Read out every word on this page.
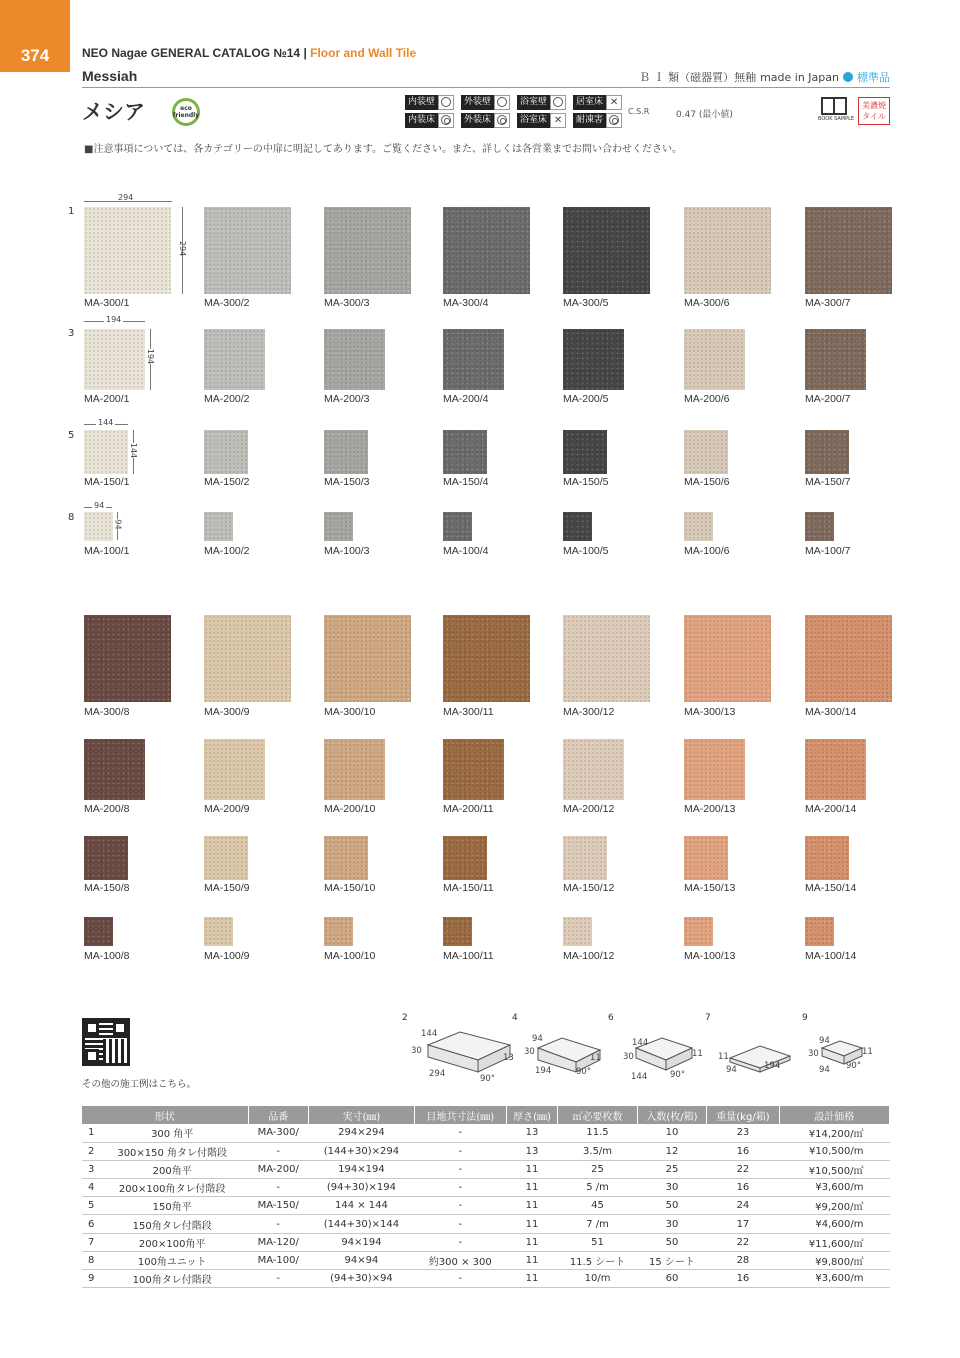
374	NEO Nagae GENERAL CATALOG №14 | Floor and Wall Tile
Messiah	Ｂ Ｉ 類（磁器質）無釉 made in Japan 標準品
メシア	eco friendly
内装壁	外装壁	浴室壁	居室床 ✕
内装床	外装床	浴室床 ✕	耐凍害
C.S.R	0.47 (最小値)	BOOK SAMPLE
美濃焼
タイル
■注意事項については、各カテゴリーの中扉に明記してあります。ご覧ください。また、詳しくは各営業までお問い合わせください。
1
3
5
8
294
294
194
194
144
144
94
94
MA-300/1	MA-300/2	MA-300/3	MA-300/4	MA-300/5	MA-300/6	MA-300/7
MA-200/1	MA-200/2	MA-200/3	MA-200/4	MA-200/5	MA-200/6	MA-200/7
MA-150/1	MA-150/2	MA-150/3	MA-150/4	MA-150/5	MA-150/6	MA-150/7
MA-100/1	MA-100/2	MA-100/3	MA-100/4	MA-100/5	MA-100/6	MA-100/7
MA-300/8	MA-300/9	MA-300/10	MA-300/11	MA-300/12	MA-300/13	MA-300/14
MA-200/8	MA-200/9	MA-200/10	MA-200/11	MA-200/12	MA-200/13	MA-200/14
MA-150/8	MA-150/9	MA-150/10	MA-150/11	MA-150/12	MA-150/13	MA-150/14
MA-100/8	MA-100/9	MA-100/10	MA-100/11	MA-100/12	MA-100/13	MA-100/14
その他の施工例はこちら。
2
144
30
13
294	90°
4
94
30
11
194	90°
6
144
30	11
144	90°
7
11
94	194
9
94
30	11
94 90°
形状		品番	実寸(㎜)	目地共寸法(㎜)	厚さ(㎜)	㎡必要枚数	入数(枚/箱)	重量(kg/箱)	設計価格
1	300 角平	MA-300/	294×294	-	13	11.5	10	23	¥14,200/㎡
2	300×150 角タレ付階段	-	(144+30)×294	-	13	3.5/m	12	16	¥10,500/m
3	200角平	MA-200/	194×194	-	11	25	25	22	¥10,500/㎡
4	200×100角タレ付階段	-	(94+30)×194	-	11	5 /m	30	16	¥3,600/m
5	150角平	MA-150/	144 × 144	-	11	45	50	24	¥9,200/㎡
6	150角タレ付階段	-	(144+30)×144	-	11	7 /m	30	17	¥4,600/m
7	200×100角平	MA-120/	94×194	-	11	51	50	22	¥11,600/㎡
8	100角ユニット	MA-100/	94×94	約300 × 300	11	11.5 シート	15 シート	28	¥9,800/㎡
9	100角タレ付階段	-	(94+30)×94	-	11	10/m	60	16	¥3,600/m
